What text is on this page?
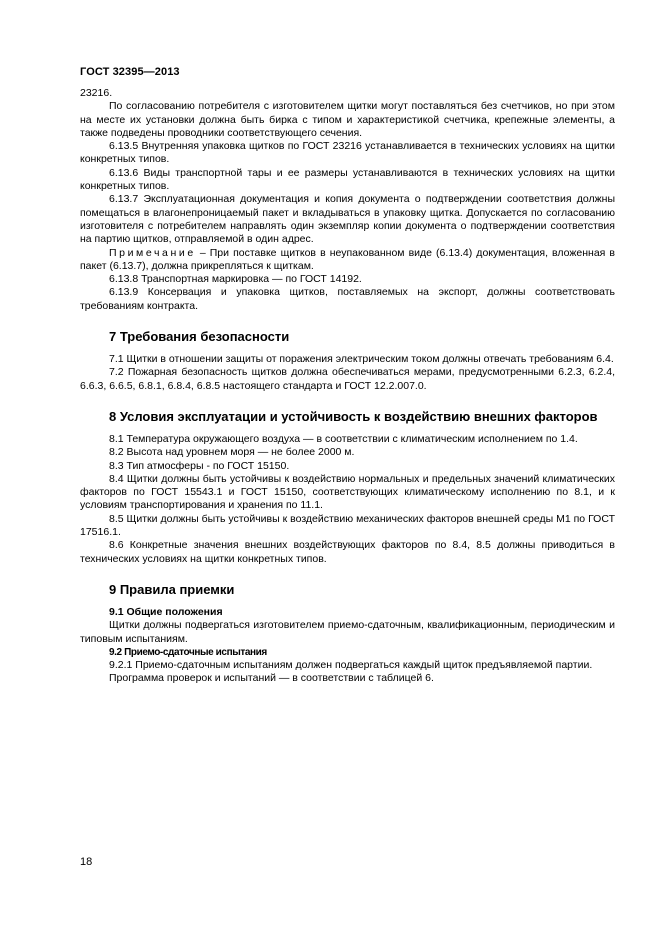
ГОСТ 32395—2013

23216.

По согласованию потребителя с изготовителем щитки могут поставляться без счетчиков, но при этом на месте их установки должна быть бирка с типом и характеристикой счетчика, крепежные элементы, а также подведены проводники соответствующего сечения.

6.13.5 Внутренняя упаковка щитков по ГОСТ 23216 устанавливается в технических условиях на щитки конкретных типов.

6.13.6 Виды транспортной тары и ее размеры устанавливаются в технических условиях на щитки конкретных типов.

6.13.7 Эксплуатационная документация и копия документа о подтверждении соответствия должны помещаться в влагонепроницаемый пакет и вкладываться в упаковку щитка. Допускается по согласованию изготовителя с потребителем направлять один экземпляр копии документа о подтверждении соответствия на партию щитков, отправляемой в один адрес.

Примечание – При поставке щитков в неупакованном виде (6.13.4) документация, вложенная в пакет (6.13.7), должна прикрепляться к щиткам.

6.13.8 Транспортная маркировка — по ГОСТ 14192.

6.13.9 Консервация и упаковка щитков, поставляемых на экспорт, должны соответствовать требованиям контракта.

7 Требования безопасности

7.1 Щитки в отношении защиты от поражения электрическим током должны отвечать требованиям 6.4.

7.2 Пожарная безопасность щитков должна обеспечиваться мерами, предусмотренными 6.2.3, 6.2.4, 6.6.3, 6.6.5, 6.8.1, 6.8.4, 6.8.5 настоящего стандарта и ГОСТ 12.2.007.0.

8 Условия эксплуатации и устойчивость к воздействию внешних факторов

8.1 Температура окружающего воздуха — в соответствии с климатическим исполнением по 1.4.

8.2 Высота над уровнем моря — не более 2000 м.

8.3 Тип атмосферы - по ГОСТ 15150.

8.4 Щитки должны быть устойчивы к воздействию нормальных и предельных значений климатических факторов по ГОСТ 15543.1 и ГОСТ 15150, соответствующих климатическому исполнению по 8.1, и к условиям транспортирования и хранения по 11.1.

8.5 Щитки должны быть устойчивы к воздействию механических факторов внешней среды М1 по ГОСТ 17516.1.

8.6 Конкретные значения внешних воздействующих факторов по 8.4, 8.5 должны приводиться в технических условиях на щитки конкретных типов.

9 Правила приемки
9.1 Общие положения

Щитки должны подвергаться изготовителем приемо-сдаточным, квалификационным, периодическим и типовым испытаниям.

9.2 Приемо-сдаточные испытания

9.2.1 Приемо-сдаточным испытаниям должен подвергаться каждый щиток предъявляемой партии.

Программа проверок и испытаний — в соответствии с таблицей 6.

18
